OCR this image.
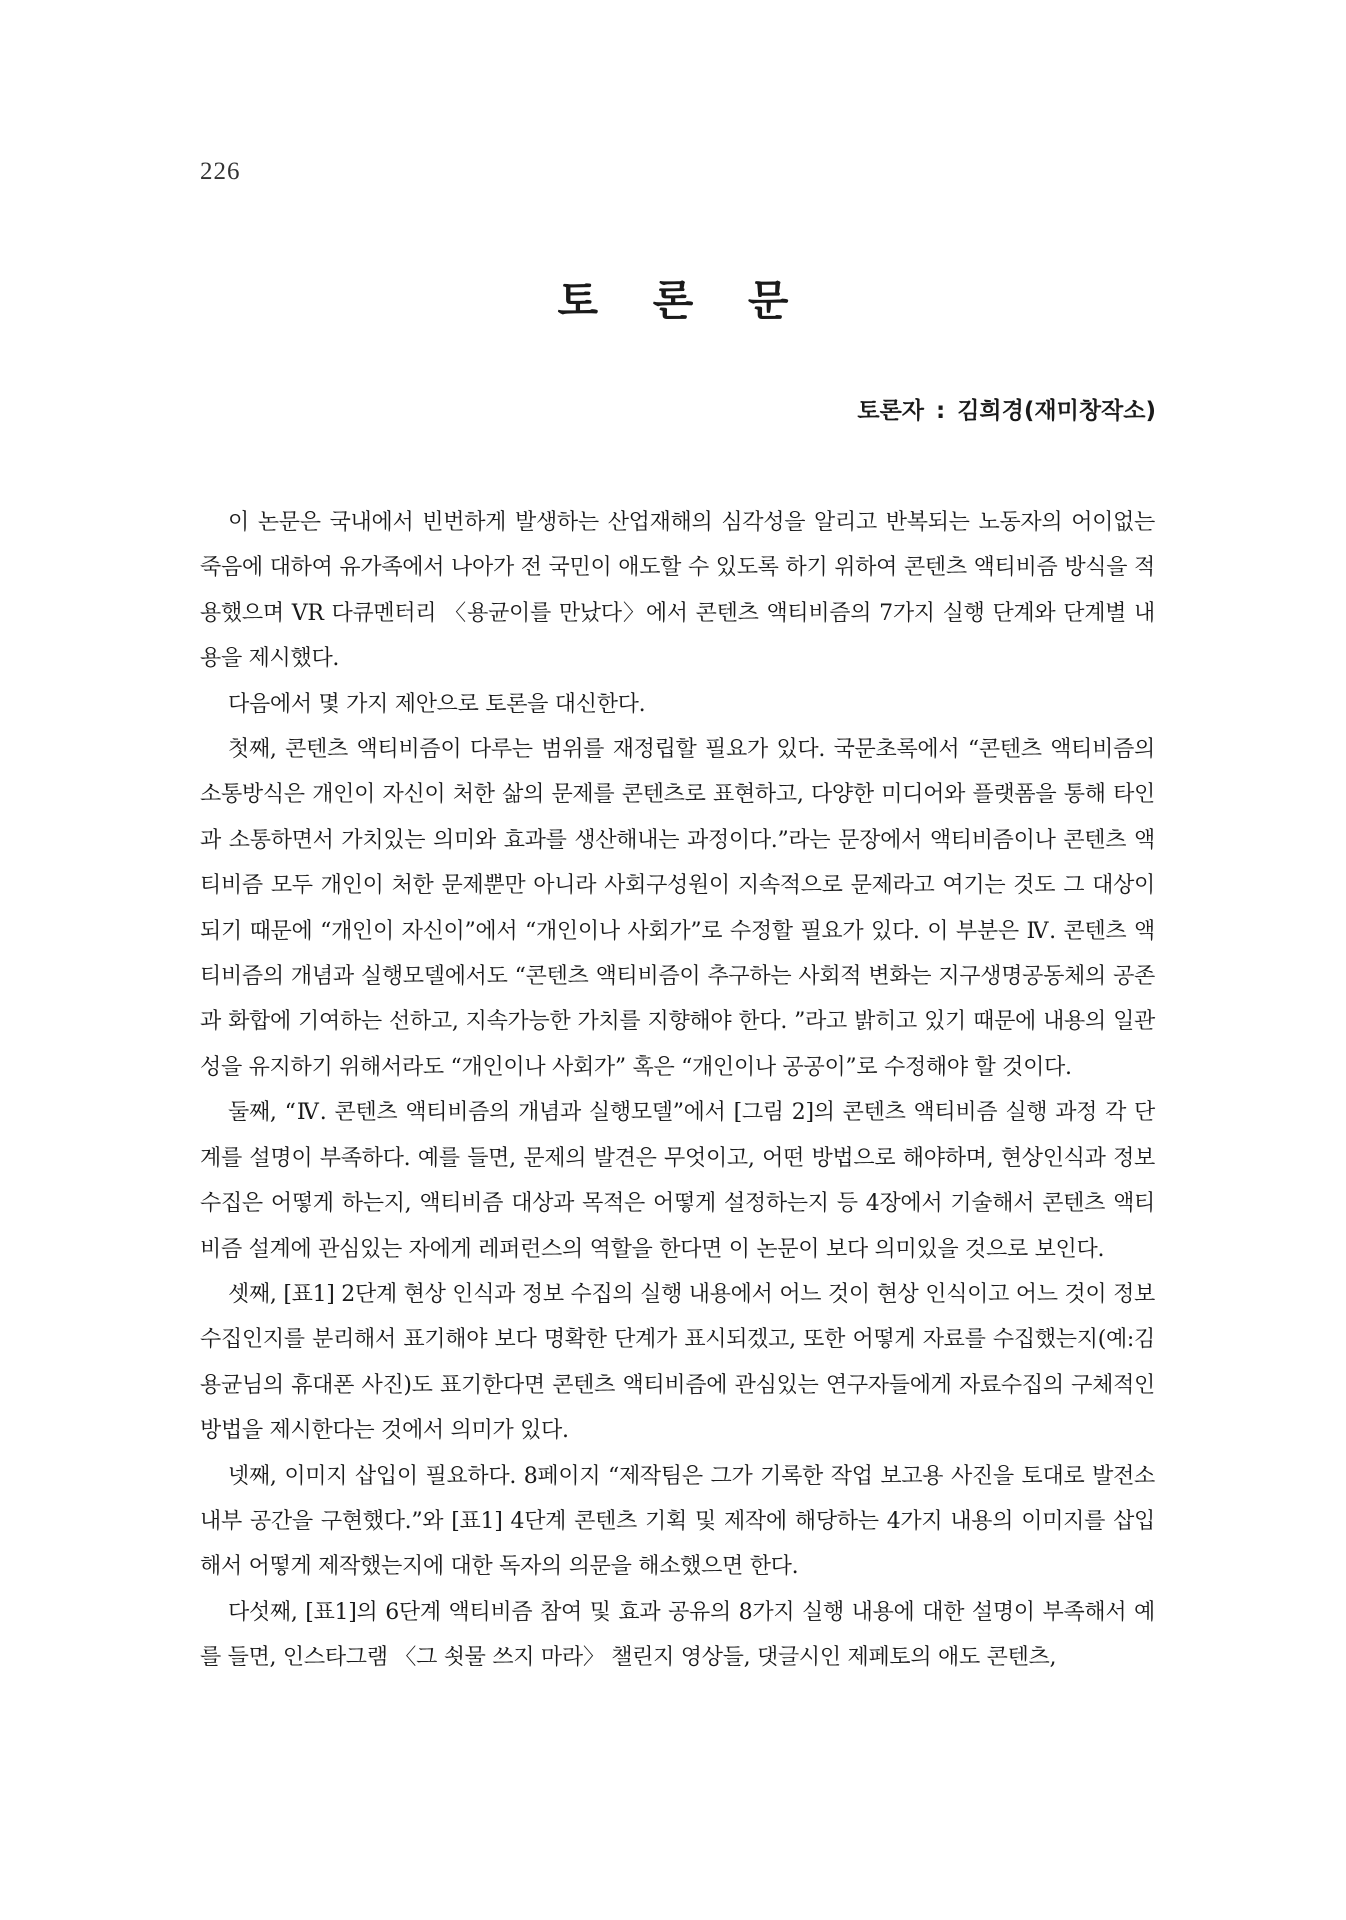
226
토 론 문
토론자 : 김희경(재미창작소)

이 논문은 국내에서 빈번하게 발생하는 산업재해의 심각성을 알리고 반복되는 노동자의 어이없는 죽음에 대하여 유가족에서 나아가 전 국민이 애도할 수 있도록 하기 위하여 콘텐츠 액티비즘 방식을 적용했으며 VR 다큐멘터리 〈용균이를 만났다〉에서 콘텐츠 액티비즘의 7가지 실행 단계와 단계별 내용을 제시했다.

다음에서 몇 가지 제안으로 토론을 대신한다.

첫째, 콘텐츠 액티비즘이 다루는 범위를 재정립할 필요가 있다. 국문초록에서 “콘텐츠 액티비즘의 소통방식은 개인이 자신이 처한 삶의 문제를 콘텐츠로 표현하고, 다양한 미디어와 플랫폼을 통해 타인과 소통하면서 가치있는 의미와 효과를 생산해내는 과정이다.”라는 문장에서 액티비즘이나 콘텐츠 액티비즘 모두 개인이 처한 문제뿐만 아니라 사회구성원이 지속적으로 문제라고 여기는 것도 그 대상이 되기 때문에 “개인이 자신이”에서 “개인이나 사회가”로 수정할 필요가 있다. 이 부분은 Ⅳ. 콘텐츠 액티비즘의 개념과 실행모델에서도 “콘텐츠 액티비즘이 추구하는 사회적 변화는 지구생명공동체의 공존과 화합에 기여하는 선하고, 지속가능한 가치를 지향해야 한다. ”라고 밝히고 있기 때문에 내용의 일관성을 유지하기 위해서라도 “개인이나 사회가” 혹은 “개인이나 공공이”로 수정해야 할 것이다.

둘째, “Ⅳ. 콘텐츠 액티비즘의 개념과 실행모델”에서 [그림 2]의 콘텐츠 액티비즘 실행 과정 각 단계를 설명이 부족하다. 예를 들면, 문제의 발견은 무엇이고, 어떤 방법으로 해야하며, 현상인식과 정보수집은 어떻게 하는지, 액티비즘 대상과 목적은 어떻게 설정하는지 등 4장에서 기술해서 콘텐츠 액티비즘 설계에 관심있는 자에게 레퍼런스의 역할을 한다면 이 논문이 보다 의미있을 것으로 보인다.

셋째, [표1] 2단계 현상 인식과 정보 수집의 실행 내용에서 어느 것이 현상 인식이고 어느 것이 정보 수집인지를 분리해서 표기해야 보다 명확한 단계가 표시되겠고, 또한 어떻게 자료를 수집했는지(예:김용균님의 휴대폰 사진)도 표기한다면 콘텐츠 액티비즘에 관심있는 연구자들에게 자료수집의 구체적인 방법을 제시한다는 것에서 의미가 있다.

넷째, 이미지 삽입이 필요하다. 8페이지 “제작팀은 그가 기록한 작업 보고용 사진을 토대로 발전소 내부 공간을 구현했다.”와 [표1] 4단계 콘텐츠 기획 및 제작에 해당하는 4가지 내용의 이미지를 삽입해서 어떻게 제작했는지에 대한 독자의 의문을 해소했으면 한다.

다섯째, [표1]의 6단계 액티비즘 참여 및 효과 공유의 8가지 실행 내용에 대한 설명이 부족해서 예를 들면, 인스타그램 〈그 쇳물 쓰지 마라〉 챌린지 영상들, 댓글시인 제페토의 애도 콘텐츠,
